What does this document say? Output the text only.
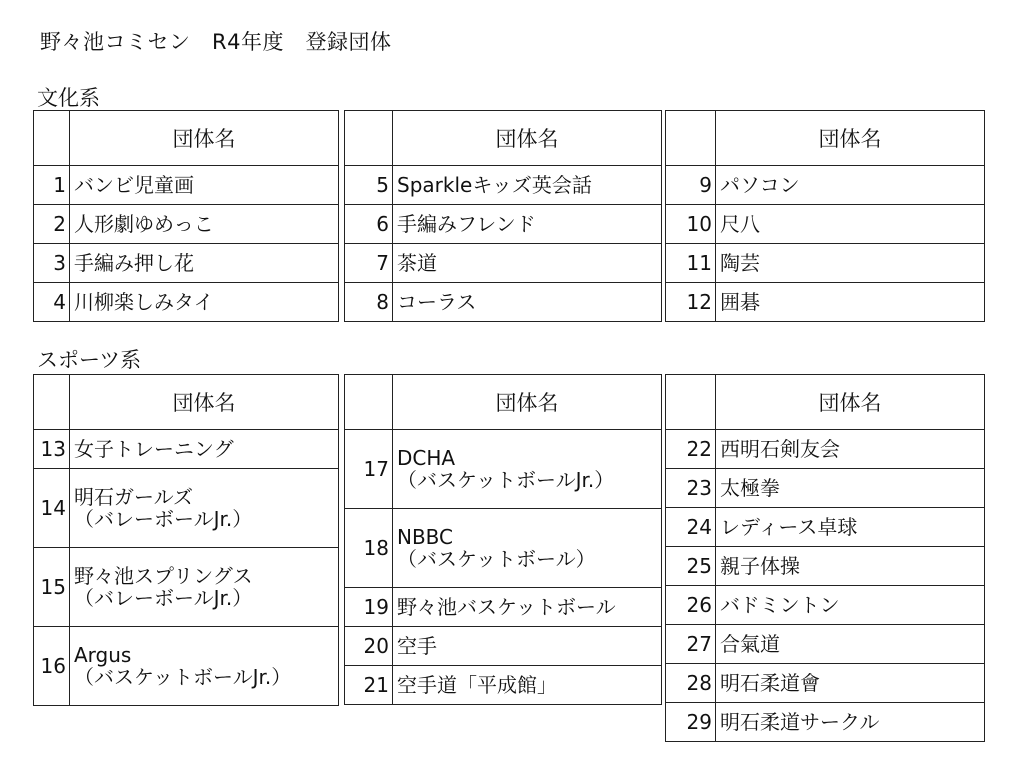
野々池コミセン　R4年度　登録団体
文化系
	団体名
1	バンビ児童画
2	人形劇ゆめっこ
3	手編み押し花
4	川柳楽しみタイ
	団体名
5	Sparkleキッズ英会話
6	手編みフレンド
7	茶道
8	コーラス
	団体名
9	パソコン
10	尺八
11	陶芸
12	囲碁
スポーツ系
	団体名
13	女子トレーニング
14	明石ガールズ
（バレーボールJr.）

15	野々池スプリングス
（バレーボールJr.）

16	Argus
（バスケットボールJr.）
	団体名
17	DCHA
（バスケットボールJr.）

18	NBBC
（バスケットボール）

19	野々池バスケットボール
20	空手
21	空手道「平成館」
	団体名
22	西明石剣友会
23	太極拳
24	レディース卓球
25	親子体操
26	バドミントン
27	合氣道
28	明石柔道會
29	明石柔道サークル
